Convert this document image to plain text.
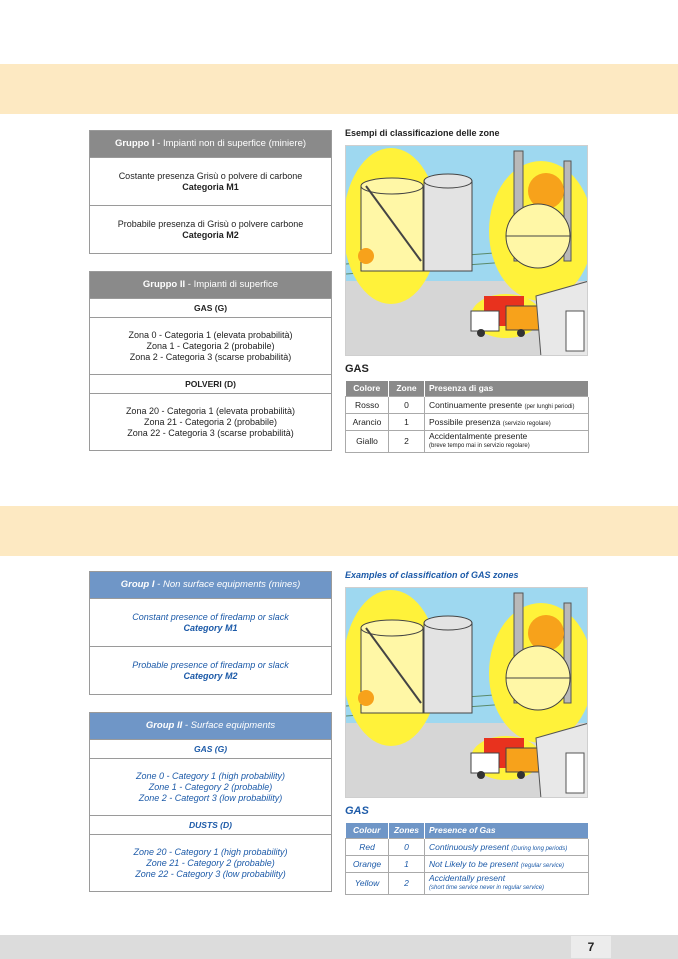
Gruppo I - Impianti non di superfice (miniere)
Costante presenza Grisù o polvere di carbone
Categoria M1
Probabile presenza di Grisù o polvere carbone
Categoria M2
Gruppo II - Impianti di superfice
GAS (G)
Zona 0 - Categoria 1 (elevata probabilità)
Zona 1 - Categoria 2 (probabile)
Zona 2 - Categoria 3 (scarse probabilità)
POLVERI (D)
Zona 20 - Categoria 1 (elevata probabilità)
Zona 21 - Categoria 2 (probabile)
Zona 22 - Categoria 3 (scarse probabilità)
Esempi di classificazione delle zone
GAS
Colore	Zone	Presenza di gas
Rosso	0	Continuamente presente (per lunghi periodi)
Arancio	1	Possibile presenza (servizio regolare)
Giallo	2	Accidentalmente presente
(breve tempo mai in servizio regolare)
Group I - Non surface equipments (mines)
Constant presence of firedamp or slack
Category M1
Probable presence of firedamp or slack
Category M2
Group II - Surface equipments
GAS (G)
Zone 0 - Category 1 (high probability)
Zone 1 - Category 2 (probable)
Zone 2 - Categort 3 (low probability)
DUSTS (D)
Zone 20 - Category 1 (high probability)
Zone 21 - Category 2 (probable)
Zone 22 - Category 3 (low probability)
Examples of classification of GAS zones
GAS
Colour	Zones	Presence of Gas
Red	0	Continuously present (During long periods)
Orange	1	Not Likely to be present (regular service)
Yellow	2	Accidentally present
(short time service never in regular service)
7
